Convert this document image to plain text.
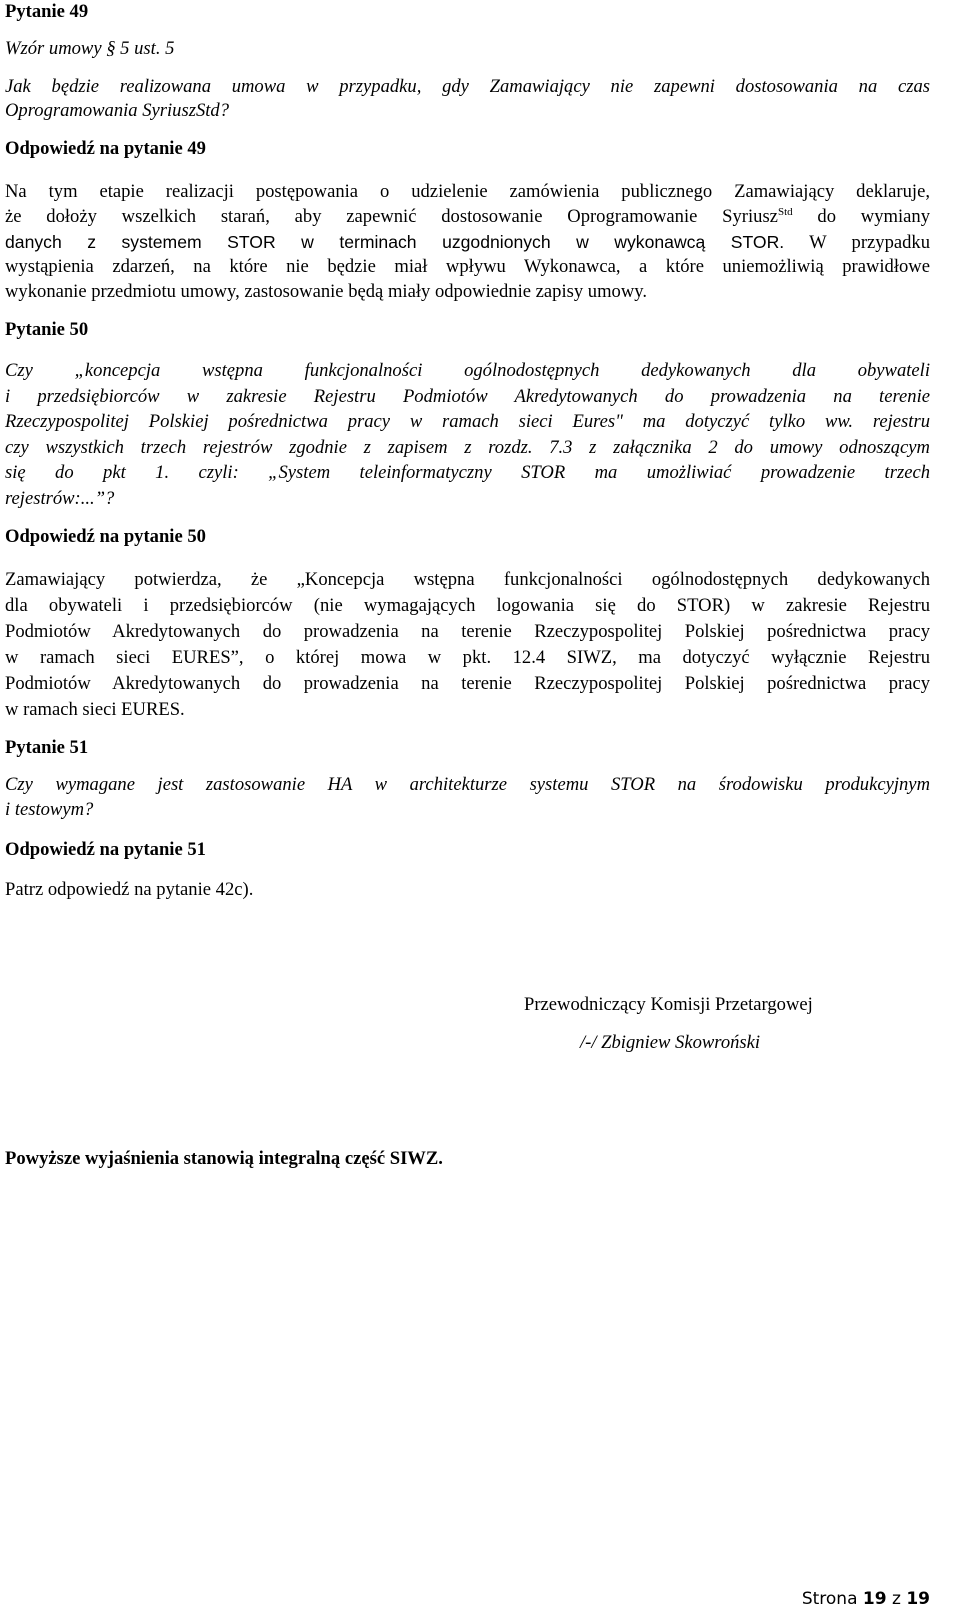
Pytanie 49
Wzór umowy § 5 ust. 5
Jak będzie realizowana umowa w przypadku, gdy Zamawiający nie zapewni dostosowania na czas
Oprogramowania SyriuszStd?
Odpowiedź na pytanie 49
Na tym etapie realizacji postępowania o udzielenie zamówienia publicznego Zamawiający deklaruje,
że dołoży wszelkich starań, aby zapewnić dostosowanie Oprogramowanie Syriusz$^{Std}$ do wymiany
danych z systemem STOR w terminach uzgodnionych w wykonawcą STOR. W przypadku
wystąpienia zdarzeń, na które nie będzie miał wpływu Wykonawca, a które uniemożliwią prawidłowe
wykonanie przedmiotu umowy, zastosowanie będą miały odpowiednie zapisy umowy.
Pytanie 50
Czy „koncepcja wstępna funkcjonalności ogólnodostępnych dedykowanych dla obywateli
i przedsiębiorców w zakresie Rejestru Podmiotów Akredytowanych do prowadzenia na terenie
Rzeczypospolitej Polskiej pośrednictwa pracy w ramach sieci Eures" ma dotyczyć tylko ww. rejestru
czy wszystkich trzech rejestrów zgodnie z zapisem z rozdz. 7.3 z załącznika 2 do umowy odnoszącym
się do pkt 1. czyli: „System teleinformatyczny STOR ma umożliwiać prowadzenie trzech
rejestrów:...”?
Odpowiedź na pytanie 50
Zamawiający potwierdza, że „Koncepcja wstępna funkcjonalności ogólnodostępnych dedykowanych
dla obywateli i przedsiębiorców (nie wymagających logowania się do STOR) w zakresie Rejestru
Podmiotów Akredytowanych do prowadzenia na terenie Rzeczypospolitej Polskiej pośrednictwa pracy
w ramach sieci EURES”, o której mowa w pkt. 12.4 SIWZ, ma dotyczyć wyłącznie Rejestru
Podmiotów Akredytowanych do prowadzenia na terenie Rzeczypospolitej Polskiej pośrednictwa pracy
w ramach sieci EURES.
Pytanie 51
Czy wymagane jest zastosowanie HA w architekturze systemu STOR na środowisku produkcyjnym
i testowym?
Odpowiedź na pytanie 51
Patrz odpowiedź na pytanie 42c).
Przewodniczący Komisji Przetargowej
/-/ Zbigniew Skowroński
Powyższe wyjaśnienia stanowią integralną część SIWZ.
Strona 19 z 19
